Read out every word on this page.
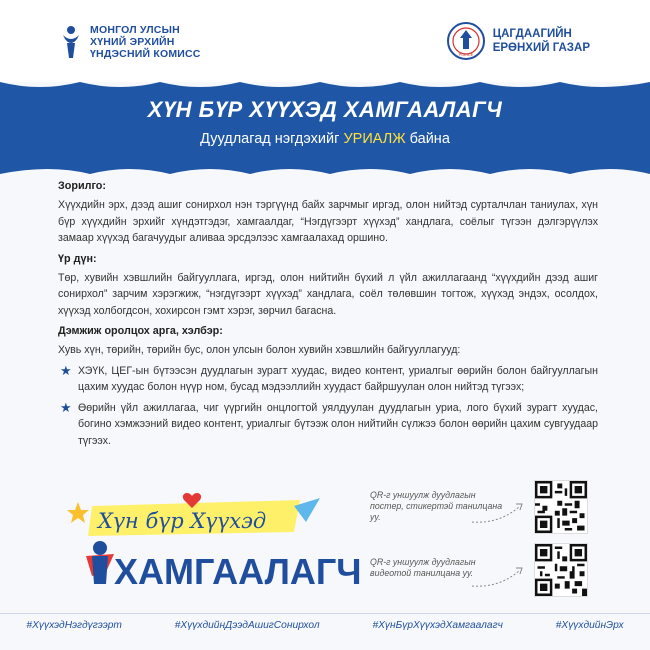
МОНГОЛ УЛСЫН
ХҮНИЙ ЭРХИЙН
ҮНДЭСНИЙ КОМИСС	POLICE
ЦАГДААГИЙН
ЕРӨНХИЙ ГАЗАР
ХҮН БҮР ХҮҮХЭД ХАМГААЛАГЧ
Дуудлагад нэгдэхийг УРИАЛЖ байна
Зорилго:

Хүүхдийн эрх, дээд ашиг сонирхол нэн тэргүүнд байх зарчмыг иргэд, олон нийтэд сурталчлан таниулах, хүн бүр хүүхдийн эрхийг хүндэтгэдэг, хамгаалдаг, “Нэгдүгээрт хүүхэд” хандлага, соёлыг түгээн дэлгэрүүлэх замаар хүүхэд багачуудыг аливаа эрсдэлээс хамгаалахад оршино.

Үр дүн:

Төр, хувийн хэвшлийн байгууллага, иргэд, олон нийтийн бүхий л үйл ажиллагаанд “хүүхдийн дээд ашиг сонирхол” зарчим хэрэгжиж, “нэгдүгээрт хүүхэд” хандлага, соёл төлөвшин тогтож, хүүхэд эндэх, осолдох, хүүхэд холбогдсон, хохирсон гэмт хэрэг, зөрчил багасна.

Дэмжиж оролцох арга, хэлбэр:

Хувь хүн, төрийн, төрийн бус, олон улсын болон хувийн хэвшлийн байгууллагууд:

★ ХЭҮК, ЦЕГ-ын бүтээсэн дуудлагын зурагт хуудас, видео контент, уриалгыг өөрийн болон байгууллагын цахим хуудас болон нүүр ном, бусад мэдээллийн хуудаст байршуулан олон нийтэд түгээх;
★ Өөрийн үйл ажиллагаа, чиг үүргийн онцлогтой уялдуулан дуудлагын уриа, лого бүхий зурагт хуудас, богино хэмжээний видео контент, уриалгыг бүтээж олон нийтийн сүлжээ болон өөрийн цахим сувгуудаар түгээх.
Хүн бүр Хүүхэд
ХАМГААЛАГЧ
QR-г уншуулж дуудлагын
постер, стикертэй танилцана
уу.
QR-г уншуулж дуудлагын
видеотой танилцана уу.
#ХүүхэдНэгдүгээрт	#ХүүхдийнДээдАшигСонирхол	#ХүнБүрХүүхэдХамгаалагч	#ХүүхдийнЭрх
